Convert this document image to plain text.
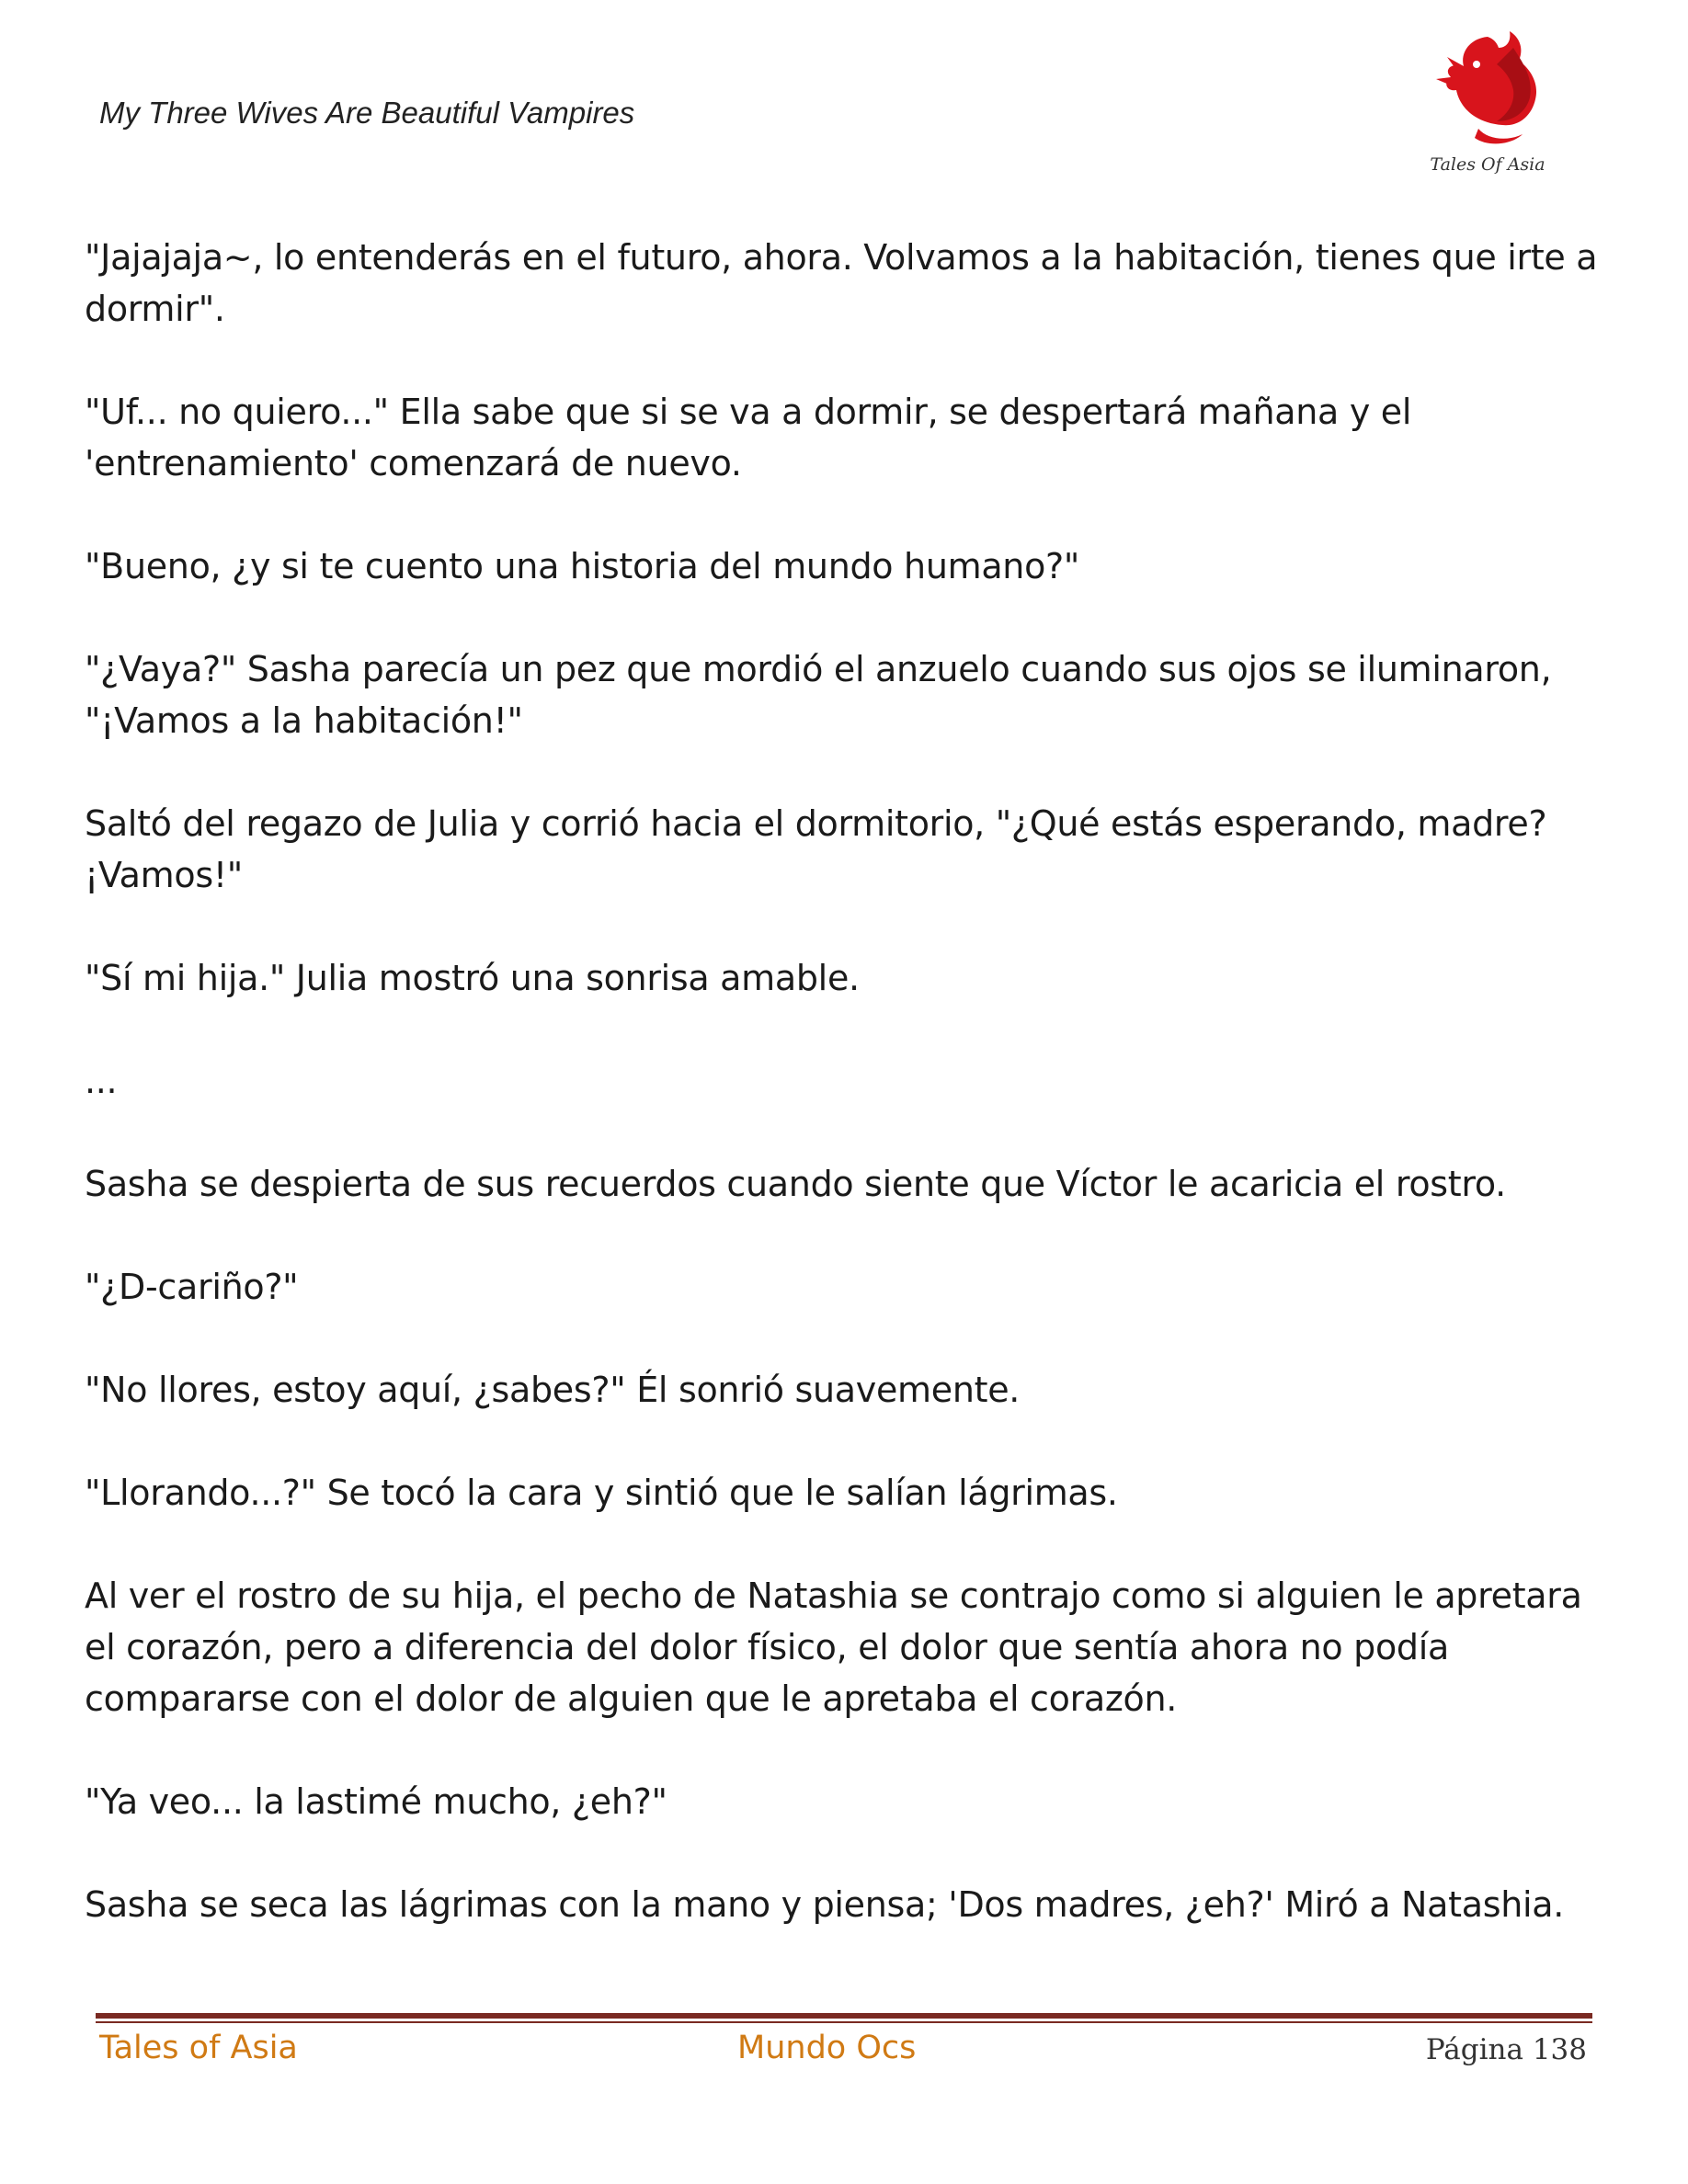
My Three Wives Are Beautiful Vampires
Tales Of Asia

"Jajajaja~, lo entenderás en el futuro, ahora. Volvamos a la habitación, tienes que irte a dormir".

"Uf... no quiero..." Ella sabe que si se va a dormir, se despertará mañana y el 'entrenamiento' comenzará de nuevo.

"Bueno, ¿y si te cuento una historia del mundo humano?"

"¿Vaya?" Sasha parecía un pez que mordió el anzuelo cuando sus ojos se iluminaron, "¡Vamos a la habitación!"

Saltó del regazo de Julia y corrió hacia el dormitorio, "¿Qué estás esperando, madre? ¡Vamos!"

"Sí mi hija." Julia mostró una sonrisa amable.

...

Sasha se despierta de sus recuerdos cuando siente que Víctor le acaricia el rostro.

"¿D-cariño?"

"No llores, estoy aquí, ¿sabes?" Él sonrió suavemente.

"Llorando...?" Se tocó la cara y sintió que le salían lágrimas.

Al ver el rostro de su hija, el pecho de Natashia se contrajo como si alguien le apretara el corazón, pero a diferencia del dolor físico, el dolor que sentía ahora no podía compararse con el dolor de alguien que le apretaba el corazón.

"Ya veo... la lastimé mucho, ¿eh?"

Sasha se seca las lágrimas con la mano y piensa; 'Dos madres, ¿eh?' Miró a Natashia.

Tales of Asia	Mundo Ocs	Página 138
